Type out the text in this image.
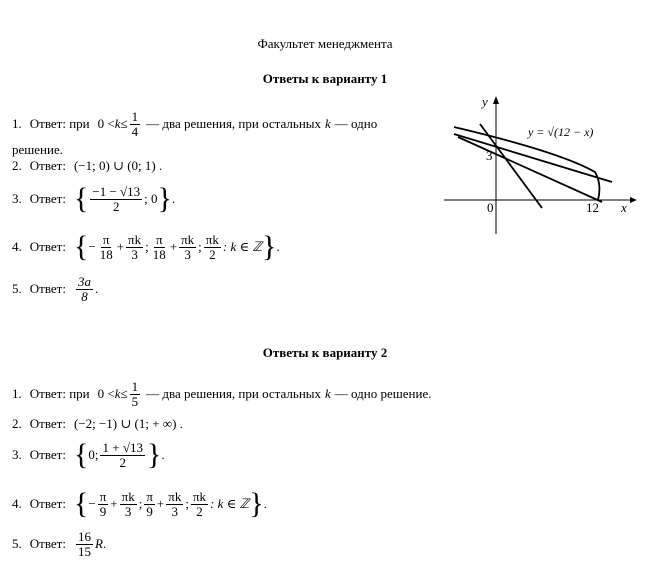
Факультет менеджмента
Ответы к варианту 1
1. Ответ: при $0 < k \le \frac{1}{4}$ — два решения, при остальных k — одно
решение.
2. Ответ: (−1; 0) ∪ (0; 1) .
3. Ответ: { $\frac{-1 - √13}{2}$ ; 0 } .
4. Ответ: { − $\frac{\pi}{18} + \frac{\pi k}{3}$ ; $\frac{\pi}{18} + \frac{\pi k}{3}$ ; $\frac{\pi k}{2}$ : k ∈ ℤ } .
5. Ответ: $\frac{3a}{8}$ .
y
x
0
3
12
y = √(12 − x)
Ответы к варианту 2
1. Ответ: при $0 < k \le \frac{1}{5}$ — два решения, при остальных k — одно решение.
2. Ответ: (−2; −1) ∪ (1; + ∞) .
3. Ответ: { 0; $\frac{1 + √13}{2}$ } .
4. Ответ: { − $\frac{\pi}{9} + \frac{\pi k}{3}$ ; $\frac{\pi}{9} + \frac{\pi k}{3}$ ; $\frac{\pi k}{2}$ : k ∈ ℤ } .
5. Ответ: $\frac{16}{15}$ R .
